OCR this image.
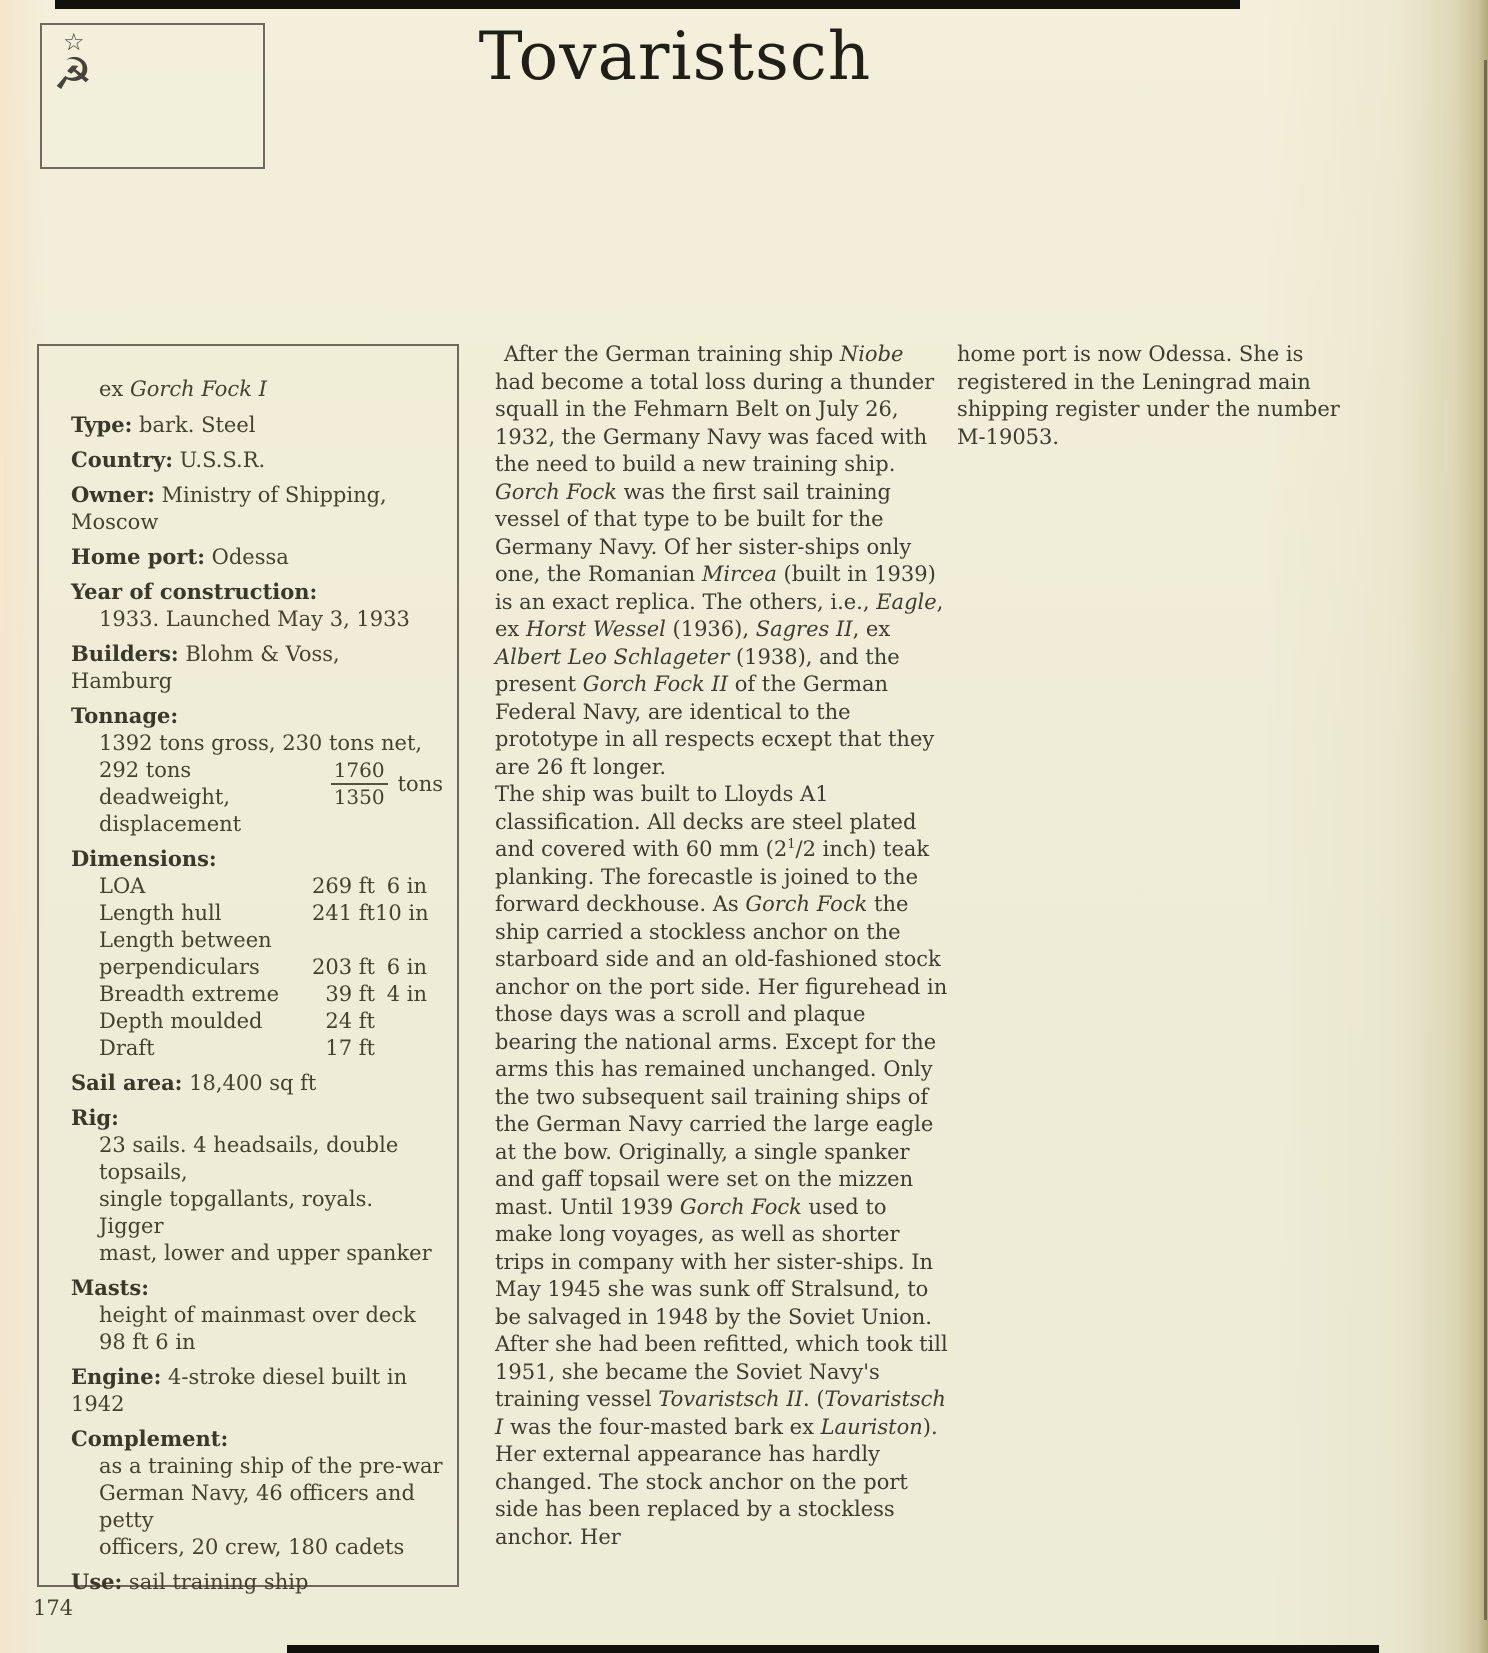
☆
☭	Tovaristsch
ex Gorch Fock I
Type: bark. Steel
Country: U.S.S.R.
Owner: Ministry of Shipping, Moscow
Home port: Odessa
Year of construction:
1933. Launched May 3, 1933
Builders: Blohm & Voss, Hamburg
Tonnage:
1392 tons gross, 230 tons net,
292 tons deadweight,	$\frac{1760}{1350}$ tons
displacement
Dimensions:
LOA	269 ft 6 in
Length hull	241 ft 10 in
Length between
perpendiculars	203 ft 6 in
Breadth extreme	39 ft 4 in
Depth moulded	24 ft
Draft	17 ft
Sail area: 18,400 sq ft
Rig:
23 sails. 4 headsails, double topsails,
single topgallants, royals. Jigger
mast, lower and upper spanker
Masts:
height of mainmast over deck
98 ft 6 in
Engine: 4-stroke diesel built in 1942
Complement:
as a training ship of the pre-war
German Navy, 46 officers and petty
officers, 20 crew, 180 cadets
Use: sail training ship

After the German training ship Niobe had become a total loss during a thunder squall in the Fehmarn Belt on July 26, 1932, the Germany Navy was faced with the need to build a new training ship. Gorch Fock was the first sail training vessel of that type to be built for the Germany Navy. Of her sister-ships only one, the Romanian Mircea (built in 1939) is an exact replica. The others, i.e., Eagle, ex Horst Wessel (1936), Sagres II, ex Albert Leo Schlageter (1938), and the present Gorch Fock II of the German Federal Navy, are identical to the prototype in all respects ecxept that they are 26 ft longer.

The ship was built to Lloyds A1 classification. All decks are steel plated and covered with 60 mm ($2^1/2$ inch) teak planking. The forecastle is joined to the forward deckhouse. As Gorch Fock the ship carried a stockless anchor on the starboard side and an old-fashioned stock anchor on the port side. Her figurehead in those days was a scroll and plaque bearing the national arms. Except for the arms this has remained unchanged. Only the two subsequent sail training ships of the German Navy carried the large eagle at the bow. Originally, a single spanker and gaff topsail were set on the mizzen mast. Until 1939 Gorch Fock used to make long voyages, as well as shorter trips in company with her sister-ships. In May 1945 she was sunk off Stralsund, to be salvaged in 1948 by the Soviet Union. After she had been refitted, which took till 1951, she became the Soviet Navy's training vessel Tovaristsch II. (Tovaristsch I was the four-masted bark ex Lauriston). Her external appearance has hardly changed. The stock anchor on the port side has been replaced by a stockless anchor. Her

home port is now Odessa. She is registered in the Leningrad main shipping register under the number M-19053.

174
